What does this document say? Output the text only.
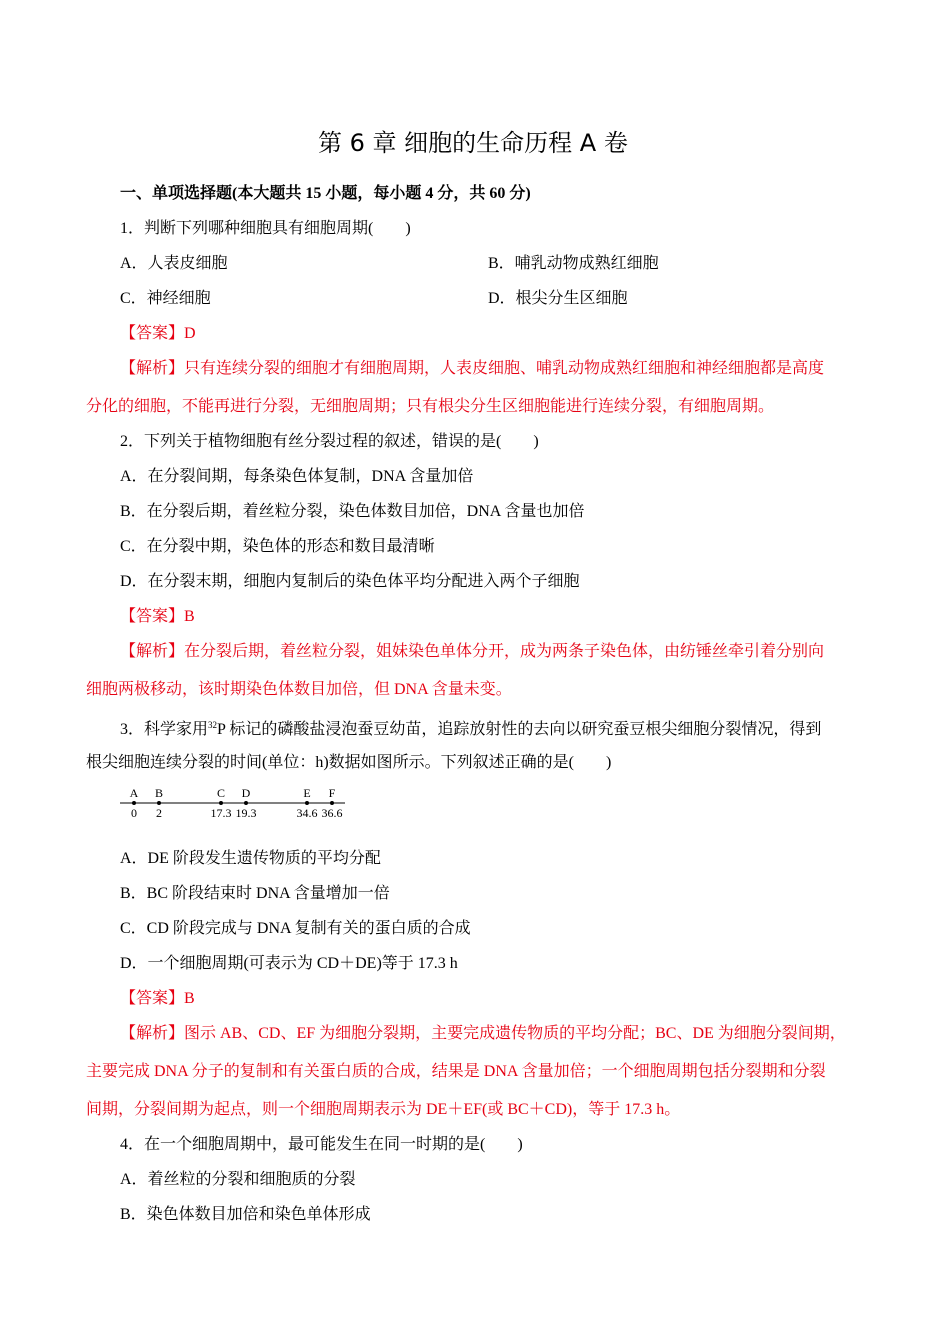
第 6 章 细胞的生命历程 A 卷
一、单项选择题(本大题共 15 小题，每小题 4 分，共 60 分)
1．判断下列哪种细胞具有细胞周期(　　)
A．人表皮细胞	B．哺乳动物成熟红细胞
C．神经细胞	D．根尖分生区细胞
【答案】D
【解析】只有连续分裂的细胞才有细胞周期，人表皮细胞、哺乳动物成熟红细胞和神经细胞都是高度
分化的细胞，不能再进行分裂，无细胞周期；只有根尖分生区细胞能进行连续分裂，有细胞周期。
2．下列关于植物细胞有丝分裂过程的叙述，错误的是(　　)
A．在分裂间期，每条染色体复制，DNA 含量加倍
B．在分裂后期，着丝粒分裂，染色体数目加倍，DNA 含量也加倍
C．在分裂中期，染色体的形态和数目最清晰
D．在分裂末期，细胞内复制后的染色体平均分配进入两个子细胞
【答案】B
【解析】在分裂后期，着丝粒分裂，姐妹染色单体分开，成为两条子染色体，由纺锤丝牵引着分别向
细胞两极移动，该时期染色体数目加倍，但 DNA 含量未变。
3．科学家用$^{32}$P 标记的磷酸盐浸泡蚕豆幼苗，追踪放射性的去向以研究蚕豆根尖细胞分裂情况，得到
根尖细胞连续分裂的时间(单位：h)数据如图所示。下列叙述正确的是(　　)
A
0
B
2
C
17.3
D
19.3
E
34.6
F
36.6
A．DE 阶段发生遗传物质的平均分配
B．BC 阶段结束时 DNA 含量增加一倍
C．CD 阶段完成与 DNA 复制有关的蛋白质的合成
D．一个细胞周期(可表示为 CD＋DE)等于 17.3 h
【答案】B
【解析】图示 AB、CD、EF 为细胞分裂期，主要完成遗传物质的平均分配；BC、DE 为细胞分裂间期，
主要完成 DNA 分子的复制和有关蛋白质的合成，结果是 DNA 含量加倍；一个细胞周期包括分裂期和分裂
间期，分裂间期为起点，则一个细胞周期表示为 DE＋EF(或 BC＋CD)，等于 17.3 h。
4．在一个细胞周期中，最可能发生在同一时期的是(　　)
A．着丝粒的分裂和细胞质的分裂
B．染色体数目加倍和染色单体形成
